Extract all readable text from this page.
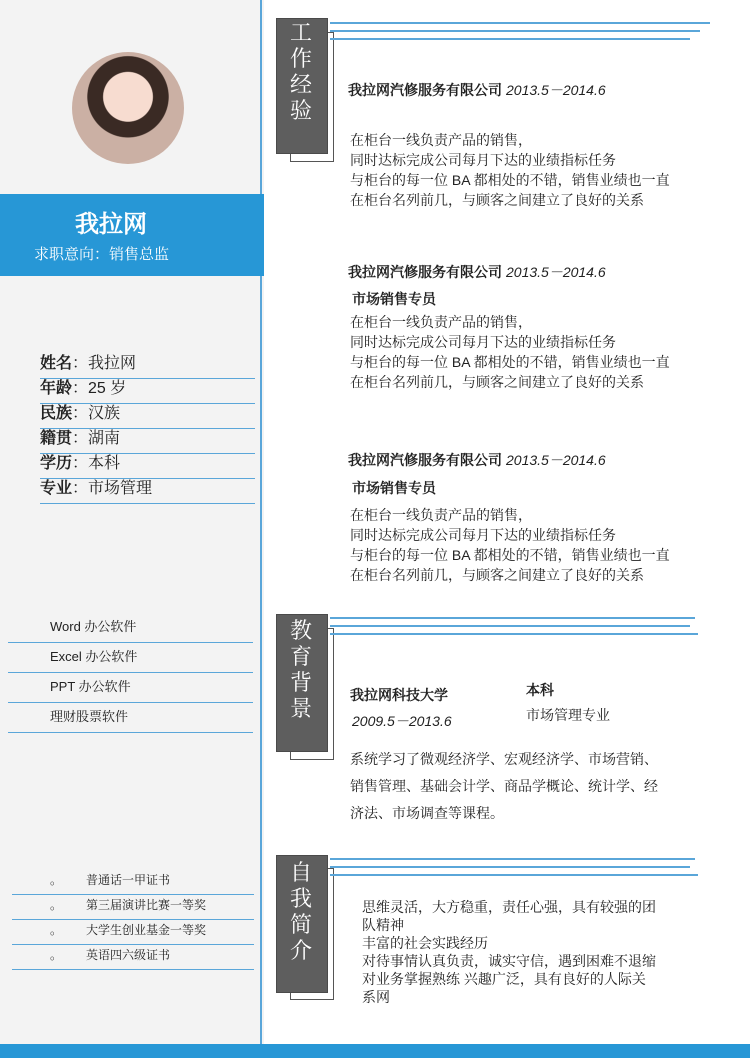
我拉网
求职意向：销售总监
姓名：我拉网
年龄：25 岁
民族：汉族
籍贯：湖南
学历：本科
专业：市场管理
Word 办公软件
Excel 办公软件
PPT 办公软件
理财股票软件
。 普通话一甲证书
。 第三届演讲比赛一等奖
。 大学生创业基金一等奖
。 英语四六级证书
工
作
经
验
我拉网汽修服务有限公司 2013.5－2014.6
在柜台一线负责产品的销售，
同时达标完成公司每月下达的业绩指标任务
与柜台的每一位 BA 都相处的不错，销售业绩也一直
在柜台名列前几，与顾客之间建立了良好的关系
我拉网汽修服务有限公司 2013.5－2014.6
市场销售专员
在柜台一线负责产品的销售，
同时达标完成公司每月下达的业绩指标任务
与柜台的每一位 BA 都相处的不错，销售业绩也一直
在柜台名列前几，与顾客之间建立了良好的关系
我拉网汽修服务有限公司 2013.5－2014.6
市场销售专员
在柜台一线负责产品的销售，
同时达标完成公司每月下达的业绩指标任务
与柜台的每一位 BA 都相处的不错，销售业绩也一直
在柜台名列前几，与顾客之间建立了良好的关系
教
育
背
景
我拉网科技大学
2009.5－2013.6
本科
市场管理专业
系统学习了微观经济学、宏观经济学、市场营销、
销售管理、基础会计学、商品学概论、统计学、经
济法、市场调查等课程。
自
我
简
介
思维灵活，大方稳重，责任心强，具有较强的团
队精神
丰富的社会实践经历
对待事情认真负责，诚实守信，遇到困难不退缩
对业务掌握熟练 兴趣广泛，具有良好的人际关
系网
